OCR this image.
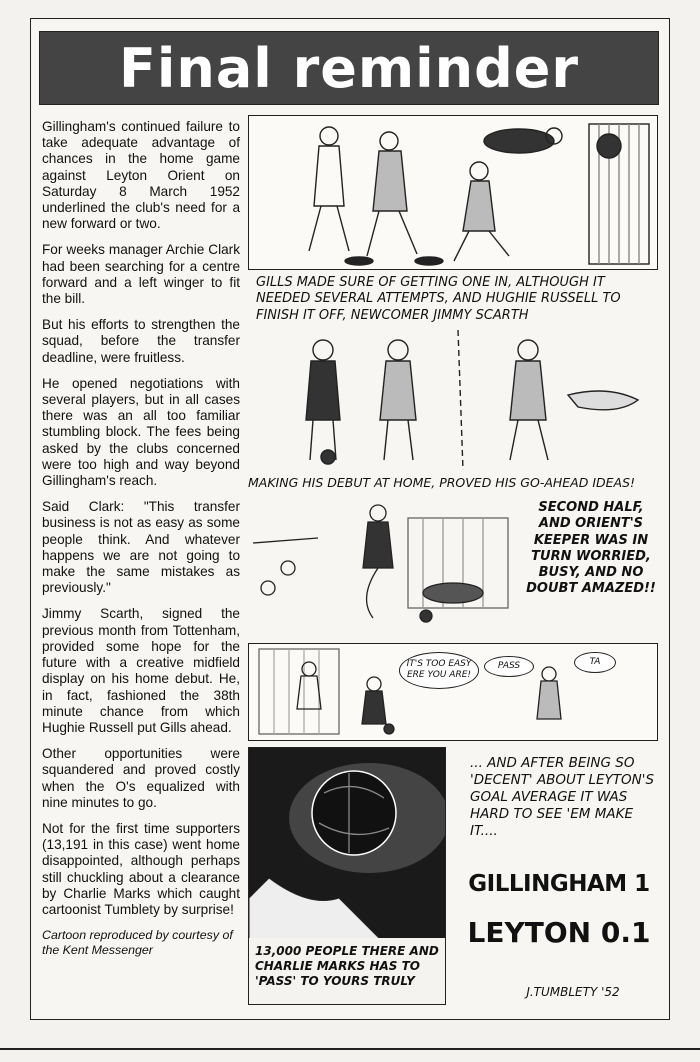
Final reminder

Gillingham's continued failure to take adequate advantage of chances in the home game against Leyton Orient on Saturday 8 March 1952 underlined the club's need for a new forward or two.

For weeks manager Archie Clark had been searching for a centre forward and a left winger to fit the bill.

But his efforts to strengthen the squad, before the transfer deadline, were fruitless.

He opened negotiations with several players, but in all cases there was an all too familiar stumbling block. The fees being asked by the clubs concerned were too high and way beyond Gillingham's reach.

Said Clark: "This transfer business is not as easy as some people think. And whatever happens we are not going to make the same mistakes as previously."

Jimmy Scarth, signed the previous month from Tottenham, provided some hope for the future with a creative midfield display on his home debut. He, in fact, fashioned the 38th minute chance from which Hughie Russell put Gills ahead.

Other opportunities were squandered and proved costly when the O's equalized with nine minutes to go.

Not for the first time supporters (13,191 in this case) went home disappointed, although perhaps still chuckling about a clearance by Charlie Marks which caught cartoonist Tumblety by surprise!

Cartoon reproduced by courtesy of the Kent Messenger

GILLS MADE SURE OF GETTING ONE IN, ALTHOUGH IT NEEDED SEVERAL ATTEMPTS, AND HUGHIE RUSSELL TO FINISH IT OFF, NEWCOMER JIMMY SCARTH
MAKING HIS DEBUT AT HOME, PROVED HIS GO-AHEAD IDEAS!
SECOND HALF, AND ORIENT'S KEEPER WAS IN TURN WORRIED, BUSY, AND NO DOUBT AMAZED!!
IT'S TOO EASY ERE YOU ARE!
PASS	TA
13,000 PEOPLE THERE AND CHARLIE MARKS HAS TO 'PASS' TO YOURS TRULY
... AND AFTER BEING SO 'DECENT' ABOUT LEYTON'S GOAL AVERAGE IT WAS HARD TO SEE 'EM MAKE IT....
GILLINGHAM 1
LEYTON 0.1
J.TUMBLETY '52
